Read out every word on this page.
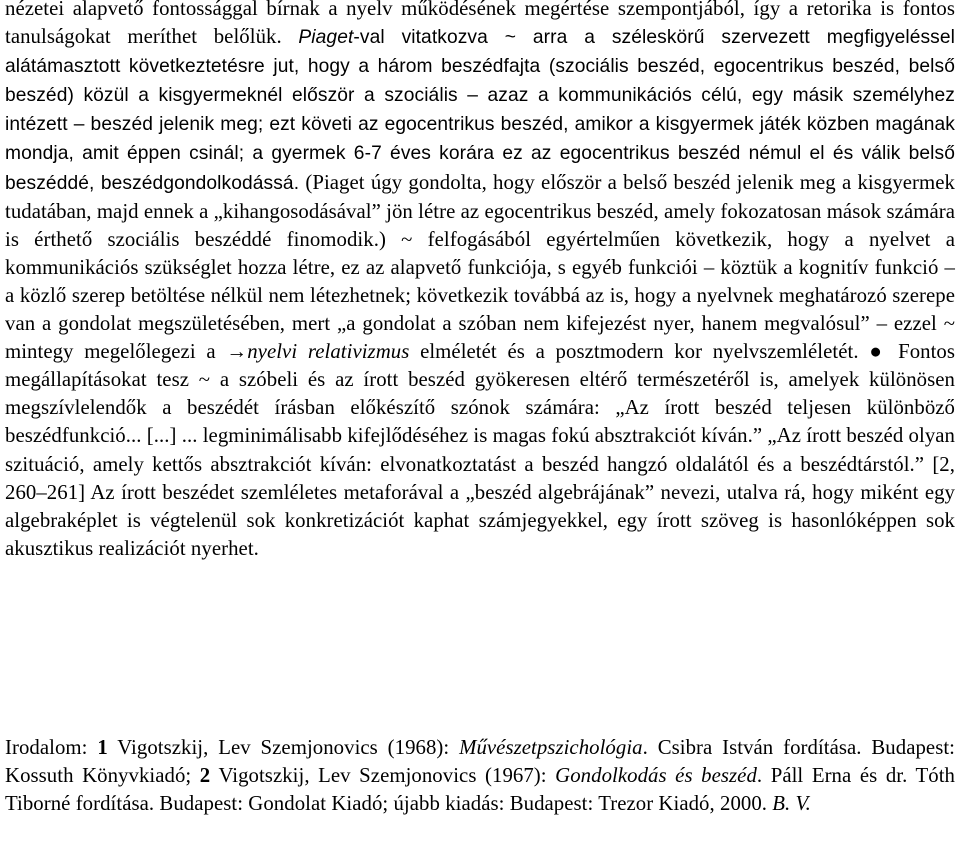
nézetei alapvető fontossággal bírnak a nyelv működésének megértése szempontjából, így a retorika is fontos tanulságokat meríthet belőlük. Piaget-val vitatkozva ~ arra a széleskörű szervezett megfigyeléssel alátámasztott következtetésre jut, hogy a három beszédfajta (szociális beszéd, egocentrikus beszéd, belső beszéd) közül a kisgyermeknél először a szociális – azaz a kommunikációs célú, egy másik személyhez intézett – beszéd jelenik meg; ezt követi az egocentrikus beszéd, amikor a kisgyermek játék közben magának mondja, amit éppen csinál; a gyermek 6-7 éves korára ez az egocentrikus beszéd némul el és válik belső beszéddé, beszédgondolkodássá. (Piaget úgy gondolta, hogy először a belső beszéd jelenik meg a kisgyermek tudatában, majd ennek a „kihangosodásával” jön létre az egocentrikus beszéd, amely fokozatosan mások számára is érthető szociális beszéddé finomodik.) ~ felfogásából egyértelműen következik, hogy a nyelvet a kommunikációs szükséglet hozza létre, ez az alapvető funkciója, s egyéb funkciói – köztük a kognitív funkció – a közlő szerep betöltése nélkül nem létezhetnek; következik továbbá az is, hogy a nyelvnek meghatározó szerepe van a gondolat megszületésében, mert „a gondolat a szóban nem kifejezést nyer, hanem megvalósul” – ezzel ~ mintegy megelőlegezi a →nyelvi relativizmus elméletét és a posztmodern kor nyelvszemléletét. ● Fontos megállapításokat tesz ~ a szóbeli és az írott beszéd gyökeresen eltérő természetéről is, amelyek különösen megszívlelendők a beszédét írásban előkészítő szónok számára: „Az írott beszéd teljesen különböző beszédfunkció... [...] ... legminimálisabb kifejlődéséhez is magas fokú absztrakciót kíván.” „Az írott beszéd olyan szituáció, amely kettős absztrakciót kíván: elvonatkoztatást a beszéd hangzó oldalától és a beszédtárstól.” [2, 260–261] Az írott beszédet szemléletes metaforával a „beszéd algebrájának” nevezi, utalva rá, hogy miként egy algebraképlet is végtelenül sok konkretizációt kaphat számjegyekkel, egy írott szöveg is hasonlóképpen sok akusztikus realizációt nyerhet.

Irodalom: 1 Vigotszkij, Lev Szemjonovics (1968): Művészetpszichológia. Csibra István fordítása. Budapest: Kossuth Könyvkiadó; 2 Vigotszkij, Lev Szemjonovics (1967): Gondolkodás és beszéd. Páll Erna és dr. Tóth Tiborné fordítása. Budapest: Gondolat Kiadó; újabb kiadás: Budapest: Trezor Kiadó, 2000. B. V.
